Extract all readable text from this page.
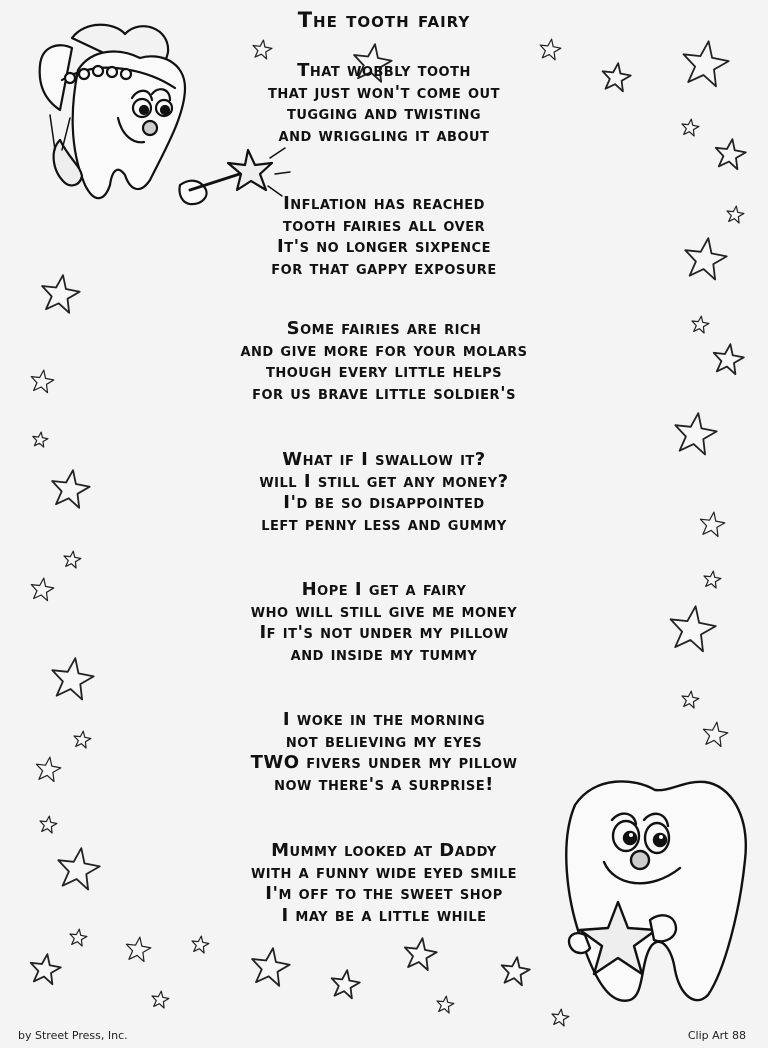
The tooth fairy
That wobbly tooth
that just won't come out
tugging and twisting
and wriggling it about
Inflation has reached
tooth fairies all over
It's no longer sixpence
for that gappy exposure
Some fairies are rich
and give more for your molars
though every little helps
for us brave little soldier's
What if I swallow it?
will I still get any money?
I'd be so disappointed
left penny less and gummy
Hope I get a fairy
who will still give me money
If it's not under my pillow
and inside my tummy
I woke in the morning
not believing my eyes
TWO fivers under my pillow
now there's a surprise!
Mummy looked at Daddy
with a funny wide eyed smile
I'm off to the sweet shop
I may be a little while
by Street Press, Inc.	Clip Art 88
